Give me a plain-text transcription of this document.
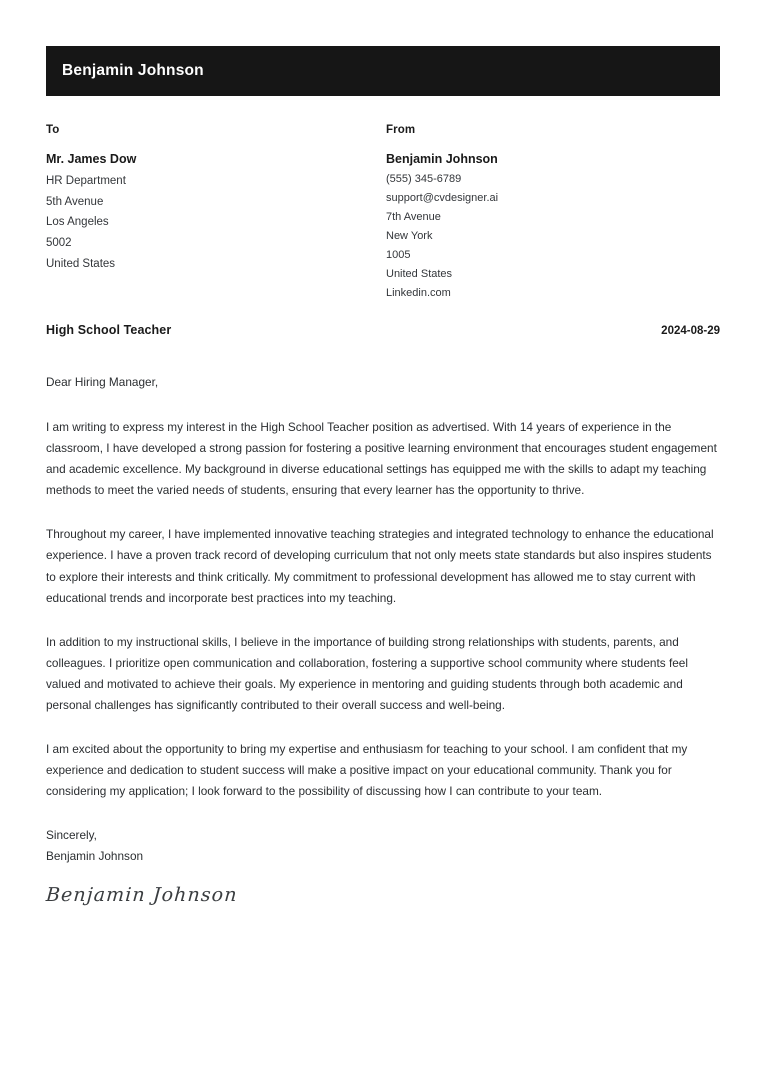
Benjamin Johnson
To
Mr. James Dow
HR Department
5th Avenue
Los Angeles
5002
United States
From
Benjamin Johnson
(555) 345-6789
support@cvdesigner.ai
7th Avenue
New York
1005
United States
Linkedin.com
High School Teacher	2024-08-29
Dear Hiring Manager,

I am writing to express my interest in the High School Teacher position as advertised. With 14 years of experience in the classroom, I have developed a strong passion for fostering a positive learning environment that encourages student engagement and academic excellence. My background in diverse educational settings has equipped me with the skills to adapt my teaching methods to meet the varied needs of students, ensuring that every learner has the opportunity to thrive.

Throughout my career, I have implemented innovative teaching strategies and integrated technology to enhance the educational experience. I have a proven track record of developing curriculum that not only meets state standards but also inspires students to explore their interests and think critically. My commitment to professional development has allowed me to stay current with educational trends and incorporate best practices into my teaching.

In addition to my instructional skills, I believe in the importance of building strong relationships with students, parents, and colleagues. I prioritize open communication and collaboration, fostering a supportive school community where students feel valued and motivated to achieve their goals. My experience in mentoring and guiding students through both academic and personal challenges has significantly contributed to their overall success and well-being.

I am excited about the opportunity to bring my expertise and enthusiasm for teaching to your school. I am confident that my experience and dedication to student success will make a positive impact on your educational community. Thank you for considering my application; I look forward to the possibility of discussing how I can contribute to your team.

Sincerely,
Benjamin Johnson
Benjamin Johnson
